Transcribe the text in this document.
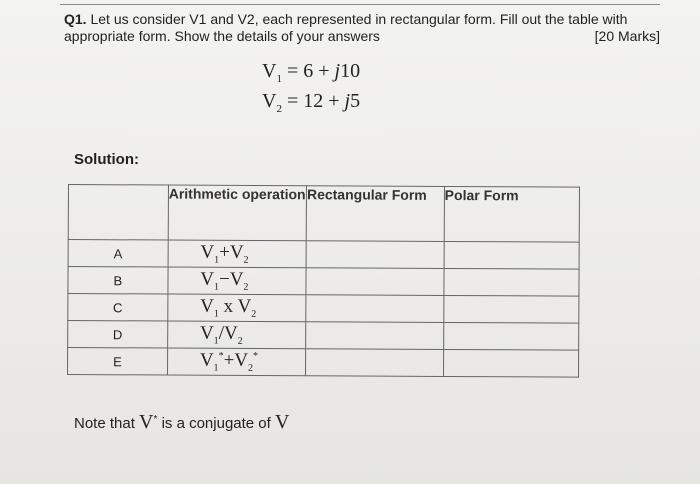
Q1. Let us consider V1 and V2, each represented in rectangular form. Fill out the table with
appropriate form. Show the details of your answers	[20 Marks]
$V_1 = 6 + j10$
$V_2 = 12 + j5$
Solution:
	Arithmetic operation	Rectangular Form	Polar Form
A	$V_1+V_2$		
B	$V_1-V_2$		
C	$V_1$ x $V_2$		
D	$V_1/V_2$		
E	$V_1^*+V_2^*$		
Note that V* is a conjugate of V
